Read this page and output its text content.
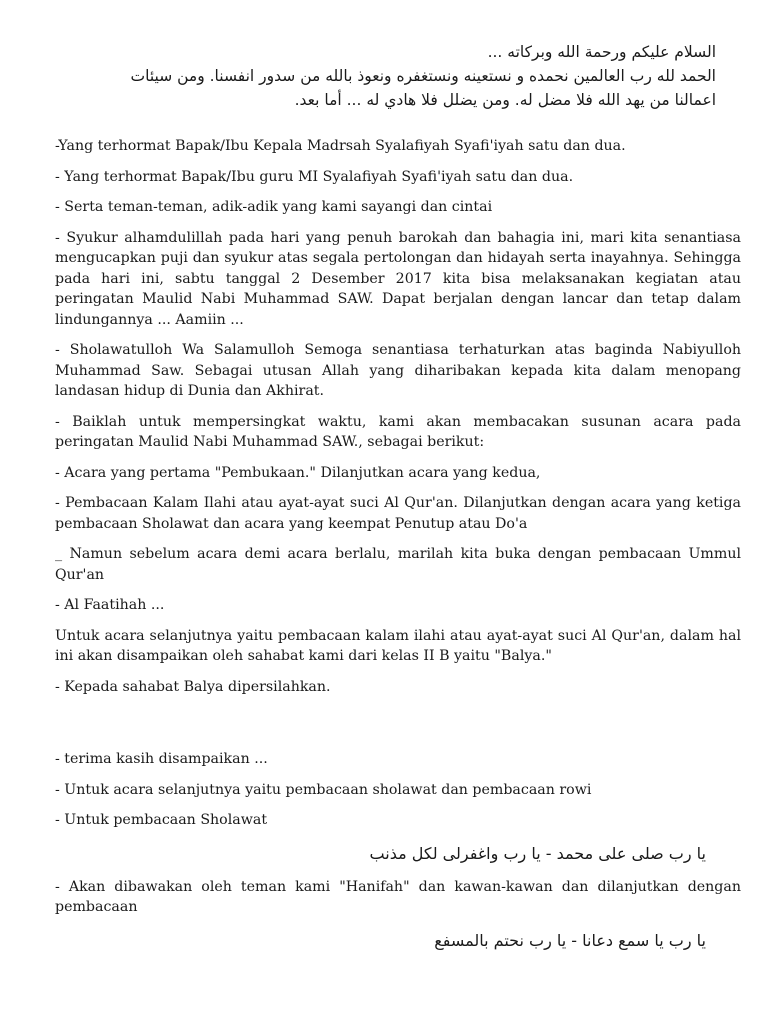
السلام عليكم ورحمة الله وبركاته ...
الحمد لله رب العالمين نحمده و نستعينه ونستغفره ونعوذ بالله من سدور انفسنا. ومن سيئات
اعمالنا من يهد الله فلا مضل له. ومن يضلل فلا هادي له ... أما بعد.

-Yang terhormat Bapak/Ibu Kepala Madrsah Syalafiyah Syafi'iyah satu dan dua.

- Yang terhormat Bapak/Ibu guru MI Syalafiyah Syafi'iyah satu dan dua.

- Serta teman-teman, adik-adik yang kami sayangi dan cintai

- Syukur alhamdulillah pada hari yang penuh barokah dan bahagia ini, mari kita senantiasa mengucapkan puji dan syukur atas segala pertolongan dan hidayah serta inayahnya. Sehingga pada hari ini, sabtu tanggal 2 Desember 2017 kita bisa melaksanakan kegiatan atau peringatan Maulid Nabi Muhammad SAW. Dapat berjalan dengan lancar dan tetap dalam lindungannya ... Aamiin ...

- Sholawatulloh Wa Salamulloh Semoga senantiasa terhaturkan atas baginda Nabiyulloh Muhammad Saw. Sebagai utusan Allah yang diharibakan kepada kita dalam menopang landasan hidup di Dunia dan Akhirat.

- Baiklah untuk mempersingkat waktu, kami akan membacakan susunan acara pada peringatan Maulid Nabi Muhammad SAW., sebagai berikut:

- Acara yang pertama "Pembukaan." Dilanjutkan acara yang kedua,

- Pembacaan Kalam Ilahi atau ayat-ayat suci Al Qur'an. Dilanjutkan dengan acara yang ketiga pembacaan Sholawat dan acara yang keempat Penutup atau Do'a

_ Namun sebelum acara demi acara berlalu, marilah kita buka dengan pembacaan Ummul Qur'an

- Al Faatihah ...

Untuk acara selanjutnya yaitu pembacaan kalam ilahi atau ayat-ayat suci Al Qur'an, dalam hal ini akan disampaikan oleh sahabat kami dari kelas II B yaitu "Balya."

- Kepada sahabat Balya dipersilahkan.

- terima kasih disampaikan ...

- Untuk acara selanjutnya yaitu pembacaan sholawat dan pembacaan rowi

- Untuk pembacaan Sholawat

يا رب صلى على محمد - يا رب واغفرلى لكل مذنب

- Akan dibawakan oleh teman kami "Hanifah" dan kawan-kawan dan dilanjutkan dengan pembacaan

يا رب يا سمع دعانا - يا رب نحتم بالمسفع
